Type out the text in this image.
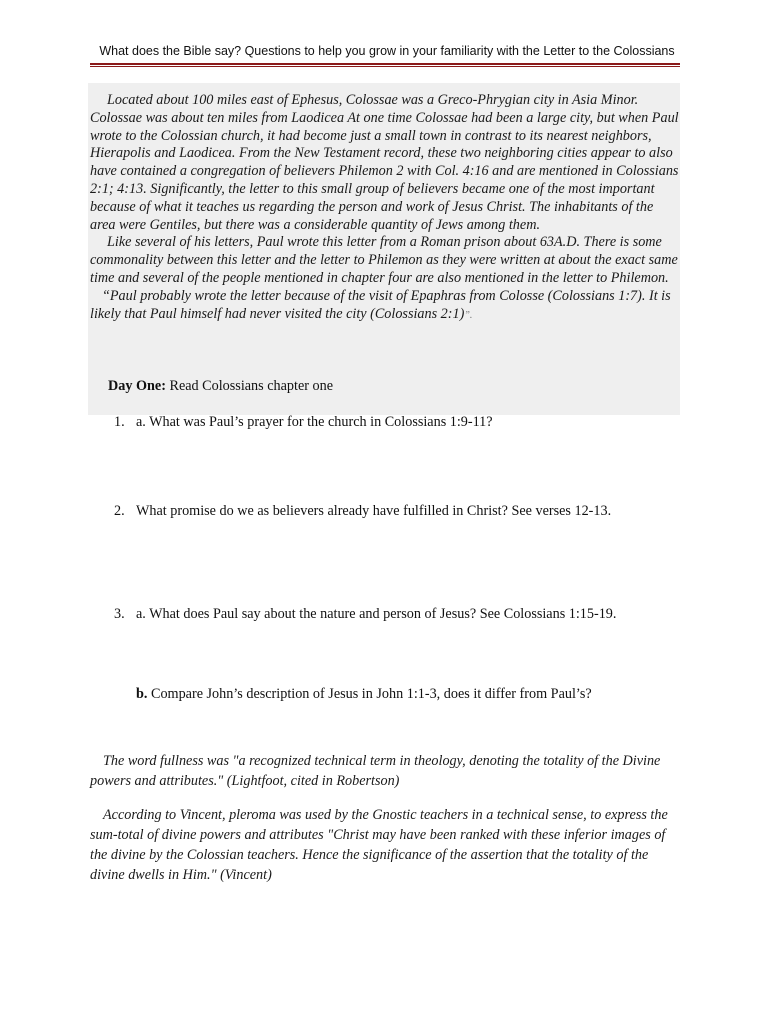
What does the Bible say? Questions to help you grow in your familiarity with the Letter to the Colossians

Located about 100 miles east of Ephesus, Colossae was a Greco-Phrygian city in Asia Minor. Colossae was about ten miles from Laodicea At one time Colossae had been a large city, but when Paul wrote to the Colossian church, it had become just a small town in contrast to its nearest neighbors, Hierapolis and Laodicea. From the New Testament record, these two neighboring cities appear to also have contained a congregation of believers Philemon 2 with Col. 4:16 and are mentioned in Colossians 2:1; 4:13. Significantly, the letter to this small group of believers became one of the most important because of what it teaches us regarding the person and work of Jesus Christ. The inhabitants of the area were Gentiles, but there was a considerable quantity of Jews among them.

Like several of his letters, Paul wrote this letter from a Roman prison about 63A.D. There is some commonality between this letter and the letter to Philemon as they were written at about the exact same time and several of the people mentioned in chapter four are also mentioned in the letter to Philemon.

“Paul probably wrote the letter because of the visit of Epaphras from Colosse (Colossians 1:7). It is likely that Paul himself had never visited the city (Colossians 2:1)”.

Day One: Read Colossians chapter one
1. a. What was Paul’s prayer for the church in Colossians 1:9-11?
2. What promise do we as believers already have fulfilled in Christ? See verses 12-13.
3. a. What does Paul say about the nature and person of Jesus? See Colossians 1:15-19.
b. Compare John’s description of Jesus in John 1:1-3, does it differ from Paul’s?

The word fullness was "a recognized technical term in theology, denoting the totality of the Divine powers and attributes." (Lightfoot, cited in Robertson)

According to Vincent, pleroma was used by the Gnostic teachers in a technical sense, to express the sum-total of divine powers and attributes "Christ may have been ranked with these inferior images of the divine by the Colossian teachers. Hence the significance of the assertion that the totality of the divine dwells in Him." (Vincent)
